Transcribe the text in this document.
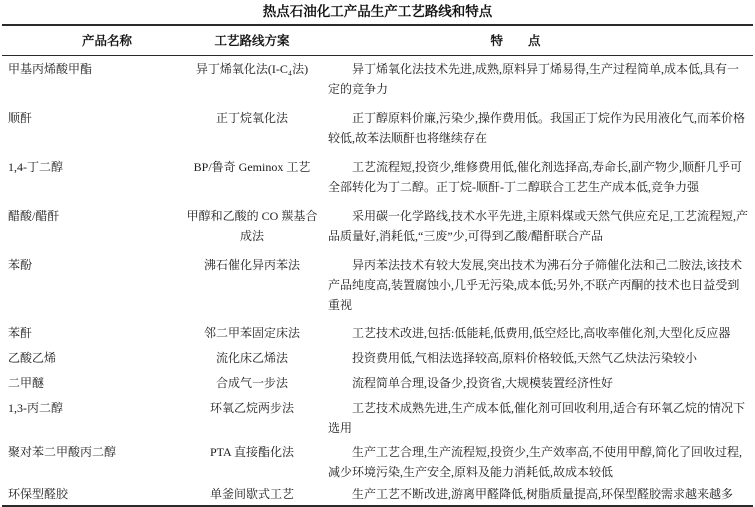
热点石油化工产品生产工艺路线和特点
产品名称	工艺路线方案	特　　点
甲基丙烯酸甲酯	异丁烯氧化法(I-C₄法)	异丁烯氧化法技术先进,成熟,原料异丁烯易得,生产过程简单,成本低,具有一定的竞争力
顺酐	正丁烷氧化法	正丁醇原料价廉,污染少,操作费用低。我国正丁烷作为民用液化气,而苯价格较低,故苯法顺酐也将继续存在
1,4-丁二醇	BP/鲁奇 Geminox 工艺	工艺流程短,投资少,维修费用低,催化剂选择高,寿命长,副产物少,顺酐几乎可全部转化为丁二醇。正丁烷-顺酐-丁二醇联合工艺生产成本低,竞争力强
醋酸/醋酐	甲醇和乙酸的 CO 羰基合成法	采用碳一化学路线,技术水平先进,主原料煤或天然气供应充足,工艺流程短,产品质量好,消耗低,“三废”少,可得到乙酸/醋酐联合产品
苯酚	沸石催化异丙苯法	异丙苯法技术有较大发展,突出技术为沸石分子筛催化法和己二胺法,该技术产品纯度高,装置腐蚀小,几乎无污染,成本低;另外,不联产丙酮的技术也日益受到重视
苯酐	邻二甲苯固定床法	工艺技术改进,包括:低能耗,低费用,低空烃比,高收率催化剂,大型化反应器
乙酸乙烯	流化床乙烯法	投资费用低,气相法选择较高,原料价格较低,天然气乙炔法污染较小
二甲醚	合成气一步法	流程简单合理,设备少,投资省,大规模装置经济性好
1,3-丙二醇	环氧乙烷两步法	工艺技术成熟先进,生产成本低,催化剂可回收利用,适合有环氧乙烷的情况下选用
聚对苯二甲酸丙二醇	PTA 直接酯化法	生产工艺合理,生产流程短,投资少,生产效率高,不使用甲醇,简化了回收过程,减少环境污染,生产安全,原料及能力消耗低,故成本较低
环保型醛胶	单釜间歇式工艺	生产工艺不断改进,游离甲醛降低,树脂质量提高,环保型醛胶需求越来越多
